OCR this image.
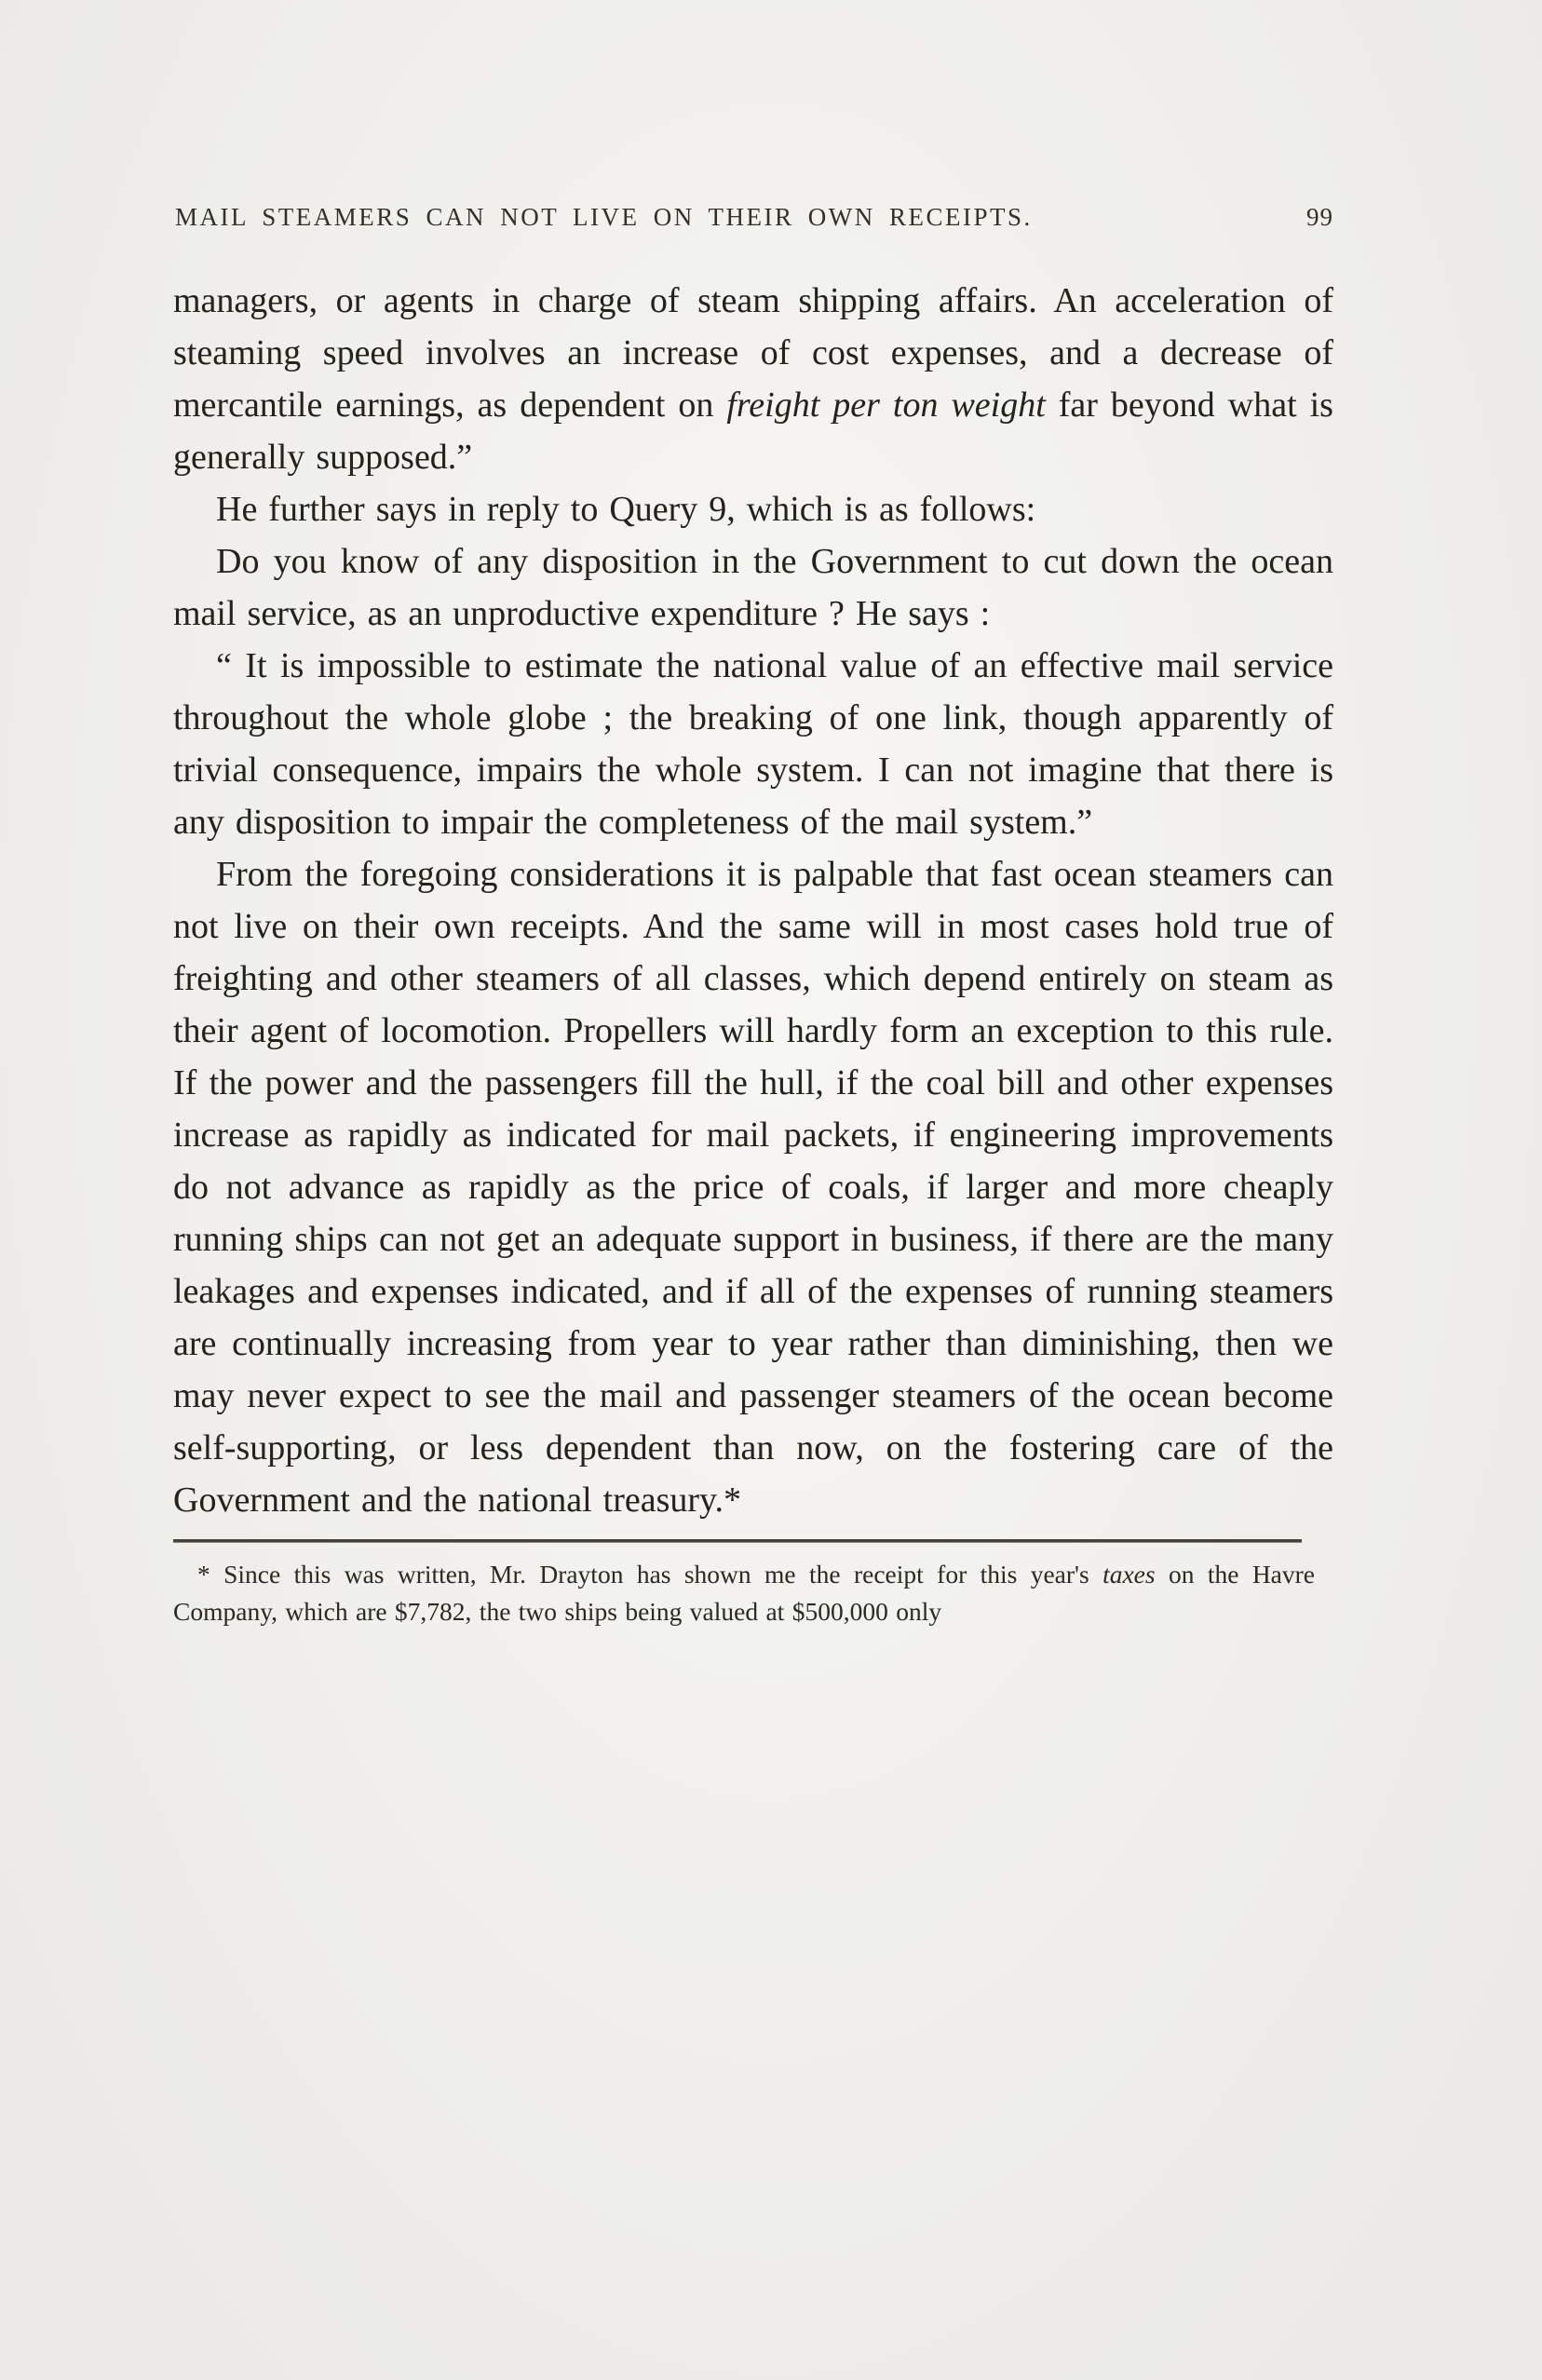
MAIL STEAMERS CAN NOT LIVE ON THEIR OWN RECEIPTS.	99

managers, or agents in charge of steam shipping affairs. An acceleration of steaming speed involves an increase of cost expenses, and a decrease of mercantile earnings, as dependent on freight per ton weight far beyond what is generally supposed.”

He further says in reply to Query 9, which is as follows:

Do you know of any disposition in the Government to cut down the ocean mail service, as an unproductive expenditure ? He says :

“ It is impossible to estimate the national value of an effective mail service throughout the whole globe ; the breaking of one link, though apparently of trivial consequence, impairs the whole system. I can not imagine that there is any disposition to impair the completeness of the mail system.”

From the foregoing considerations it is palpable that fast ocean steamers can not live on their own receipts. And the same will in most cases hold true of freighting and other steamers of all classes, which depend entirely on steam as their agent of locomotion. Propellers will hardly form an exception to this rule. If the power and the passengers fill the hull, if the coal bill and other expenses increase as rapidly as indicated for mail packets, if engineering improvements do not advance as rapidly as the price of coals, if larger and more cheaply running ships can not get an adequate support in business, if there are the many leakages and expenses indicated, and if all of the expenses of running steamers are continually increasing from year to year rather than diminishing, then we may never expect to see the mail and passenger steamers of the ocean become self-supporting, or less dependent than now, on the fostering care of the Government and the national treasury.*

* Since this was written, Mr. Drayton has shown me the receipt for this year's taxes on the Havre Company, which are $7,782, the two ships being valued at $500,000 only
